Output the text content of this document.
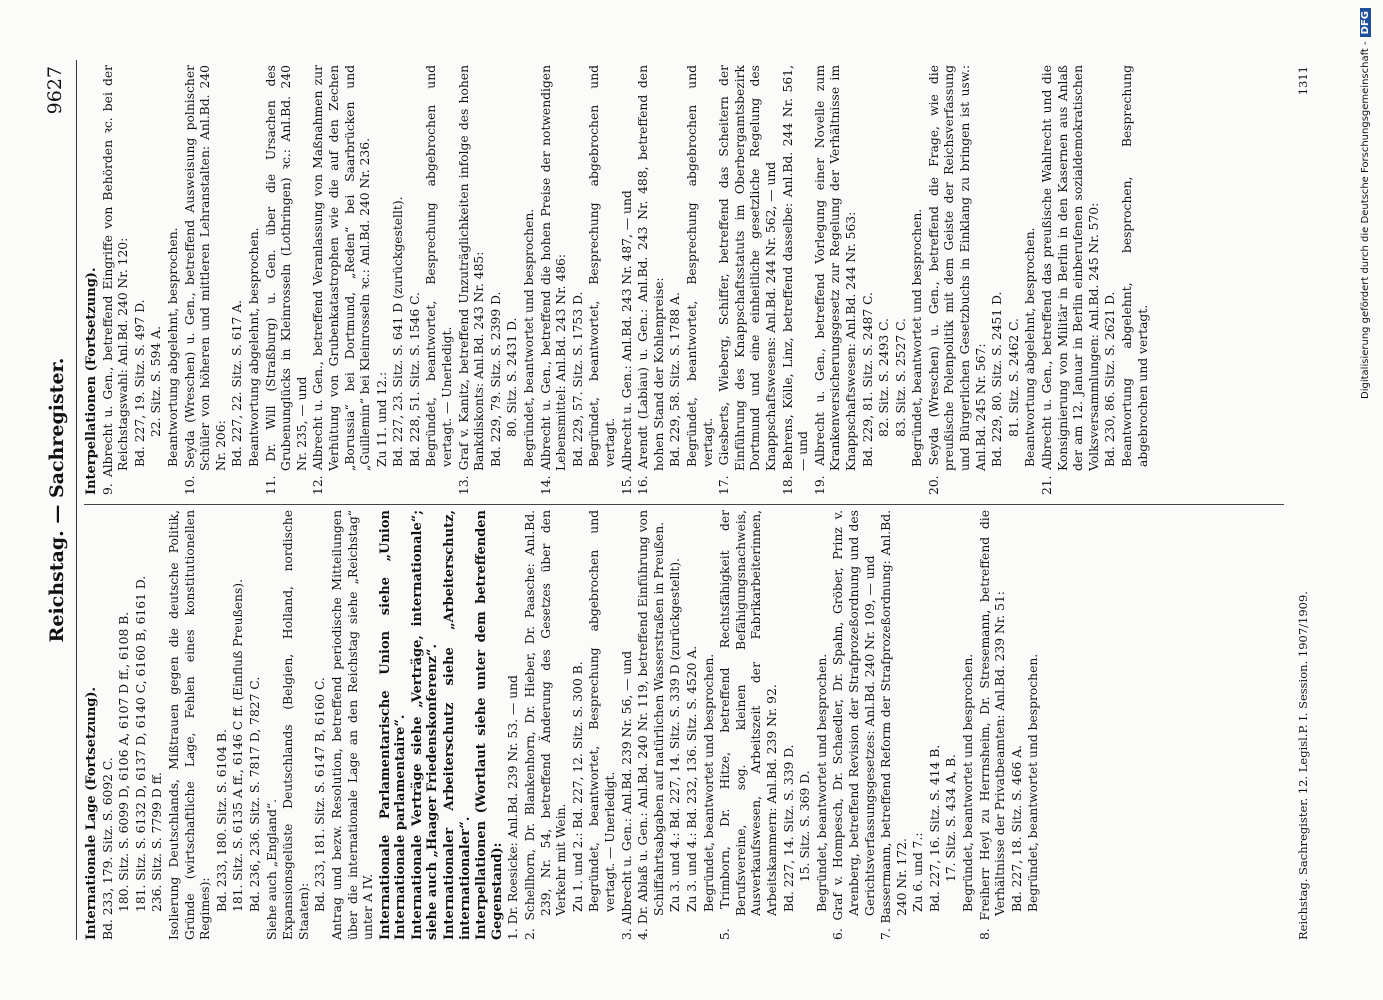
Reichstag. — Sachregister.
9627

Internationale Lage (Fortsetzung). Bd. 233, 179. Sitz. S. 6092 C. 180. Sitz. S. 6099 D, 6106 A, 6107 D ff., 6108 B. 181. Sitz. S. 6132 D, 6137 D, 6140 C, 6160 B, 6161 D. 236. Sitz. S. 7799 D ff. Isolierung Deutschlands, Mißtrauen gegen die deutsche Politik, Gründe (wirtschaftliche Lage, Fehlen eines konstitutionellen Regimes): Bd. 233, 180. Sitz. S. 6104 B. 181. Sitz. S. 6135 A ff., 6146 C ff. (Einfluß Preußens). Bd. 236, 236. Sitz. S. 7817 D, 7827 C. Siehe auch „England“. Expansionsgelüste Deutschlands (Belgien, Holland, nordische Staaten): Bd. 233, 181. Sitz. S. 6147 B, 6160 C. Antrag und bezw. Resolution, betreffend periodische Mitteilungen über die internationale Lage an den Reichstag siehe „Reichstag“ unter A IV. Internationale Parlamentarische Union siehe „Union Internationale parlamentaire“. Internationale Verträge siehe „Verträge, internationale“; siehe auch „Haager Friedenskonferenz“. Internationaler Arbeiterschutz siehe „Arbeiterschutz, internationaler“. Interpellationen (Wortlaut siehe unter dem betreffenden Gegenstand): 1. Dr. Roesicke: Anl.Bd. 239 Nr. 53. — und 2. Schellhorn, Dr. Blankenhorn, Dr. Hieber, Dr. Paasche: Anl.Bd. 239, Nr. 54, betreffend Änderung des Gesetzes über den Verkehr mit Wein. Zu 1. und 2.: Bd. 227, 12. Sitz. S. 300 B. Begründet, beantwortet, Besprechung abgebrochen und vertagt. — Unerledigt. 3. Albrecht u. Gen.: Anl.Bd. 239 Nr. 56, — und 4. Dr. Ablaß u. Gen.: Anl.Bd. 240 Nr. 119, betreffend Einführung von Schiffahrtsabgaben auf natürlichen Wasserstraßen in Preußen. Zu 3. und 4.: Bd. 227, 14. Sitz. S. 339 D (zurückgestellt). Zu 3. und 4.: Bd. 232, 136. Sitz. S. 4520 A. Begründet, beantwortet und besprochen. 5. Trimborn, Dr. Hitze, betreffend Rechtsfähigkeit der Berufsvereine, sog. kleinen Befähigungsnachweis, Ausverkaufswesen, Arbeitszeit der Fabrikarbeiterinnen, Arbeitskammern: Anl.Bd. 239 Nr. 92. Bd. 227, 14. Sitz. S. 339 D. 15. Sitz. S. 369 D. Begründet, beantwortet und besprochen. 6. Graf v. Hompesch, Dr. Schaedler, Dr. Spahn, Gröber, Prinz v. Arenberg, betreffend Revision der Strafprozeßordnung und des Gerichtsverfassungsgesetzes: Anl.Bd. 240 Nr. 109, — und 7. Bassermann, betreffend Reform der Strafprozeßordnung: Anl.Bd. 240 Nr. 172. Zu 6. und 7.: Bd. 227, 16. Sitz. S. 414 B. 17. Sitz. S. 434 A, B. Begründet, beantwortet und besprochen. 8. Freiherr Heyl zu Herrnsheim, Dr. Stresemann, betreffend die Verhältnisse der Privatbeamten: Anl.Bd. 239 Nr. 51: Bd. 227, 18. Sitz. S. 466 A. Begründet, beantwortet und besprochen.

Interpellationen (Fortsetzung). 9. Albrecht u. Gen., betreffend Eingriffe von Behörden ꝛc. bei der Reichstagswahl: Anl.Bd. 240 Nr. 120: Bd. 227, 19. Sitz. S. 497 D. 22. Sitz. S. 594 A. Beantwortung abgelehnt, besprochen. 10. Seyda (Wreschen) u. Gen., betreffend Ausweisung polnischer Schüler von höheren und mittleren Lehranstalten: Anl.Bd. 240 Nr. 206: Bd. 227, 22. Sitz. S. 617 A. Beantwortung abgelehnt, besprochen. 11. Dr. Will (Straßburg) u. Gen. über die Ursachen des Grubenunglücks in Kleinrosseln (Lothringen) ꝛc.: Anl.Bd. 240 Nr. 235, — und 12. Albrecht u. Gen., betreffend Veranlassung von Maßnahmen zur Verhütung von Grubenkatastrophen wie die auf den Zechen „Borussia“ bei Dortmund, „Reden“ bei Saarbrücken und „Guillemin“ bei Kleinrosseln ꝛc.: Anl.Bd. 240 Nr. 236. Zu 11. und 12.: Bd. 227, 23. Sitz. S. 641 D (zurückgestellt). Bd. 228, 51. Sitz. S. 1546 C. Begründet, beantwortet, Besprechung abgebrochen und vertagt. — Unerledigt. 13. Graf v. Kanitz, betreffend Unzuträglichkeiten infolge des hohen Bankdiskonts: Anl.Bd. 243 Nr. 485: Bd. 229, 79. Sitz. S. 2399 D. 80. Sitz. S. 2431 D. Begründet, beantwortet und besprochen. 14. Albrecht u. Gen., betreffend die hohen Preise der notwendigen Lebensmittel: Anl.Bd. 243 Nr. 486: Bd. 229, 57. Sitz. S. 1753 D. Begründet, beantwortet, Besprechung abgebrochen und vertagt. 15. Albrecht u. Gen.: Anl.Bd. 243 Nr. 487, — und 16. Arendt (Labiau) u. Gen.: Anl.Bd. 243 Nr. 488, betreffend den hohen Stand der Kohlenpreise: Bd. 229, 58. Sitz. S. 1788 A. Begründet, beantwortet, Besprechung abgebrochen und vertagt. 17. Giesberts, Wieberg, Schiffer, betreffend das Scheitern der Einführung des Knappschaftsstatuts im Oberbergamtsbezirk Dortmund und eine einheitliche gesetzliche Regelung des Knappschaftswesens: Anl.Bd. 244 Nr. 562, — und 18. Behrens, Kölle, Linz, betreffend dasselbe: Anl.Bd. 244 Nr. 561, — und 19. Albrecht u. Gen., betreffend Vorlegung einer Novelle zum Krankenversicherungsgesetz zur Regelung der Verhältnisse im Knappschaftswesen: Anl.Bd. 244 Nr. 563: Bd. 229, 81. Sitz. S. 2487 C. 82. Sitz. S. 2493 C. 83. Sitz. S. 2527 C. Begründet, beantwortet und besprochen. 20. Seyda (Wreschen) u. Gen., betreffend die Frage, wie die preußische Polenpolitik mit dem Geiste der Reichsverfassung und Bürgerlichen Gesetzbuchs in Einklang zu bringen ist usw.: Anl.Bd. 245 Nr. 567: Bd. 229, 80. Sitz. S. 2451 D. 81. Sitz. S. 2462 C. Beantwortung abgelehnt, besprochen. 21. Albrecht u. Gen., betreffend das preußische Wahlrecht und die Konsignierung von Militär in Berlin in den Kasernen aus Anlaß der am 12. Januar in Berlin einberufenen sozialdemokratischen Volksversammlungen: Anl.Bd. 245 Nr. 570: Bd. 230, 86. Sitz. S. 2621 D. Beantwortung abgelehnt, besprochen, Besprechung abgebrochen und vertagt.

Reichstag. Sachregister. 12. Legisl.P. I. Session. 1907/1909.
1311	Digitalisierung gefördert durch die Deutsche Forschungsgemeinschaft -DFG
